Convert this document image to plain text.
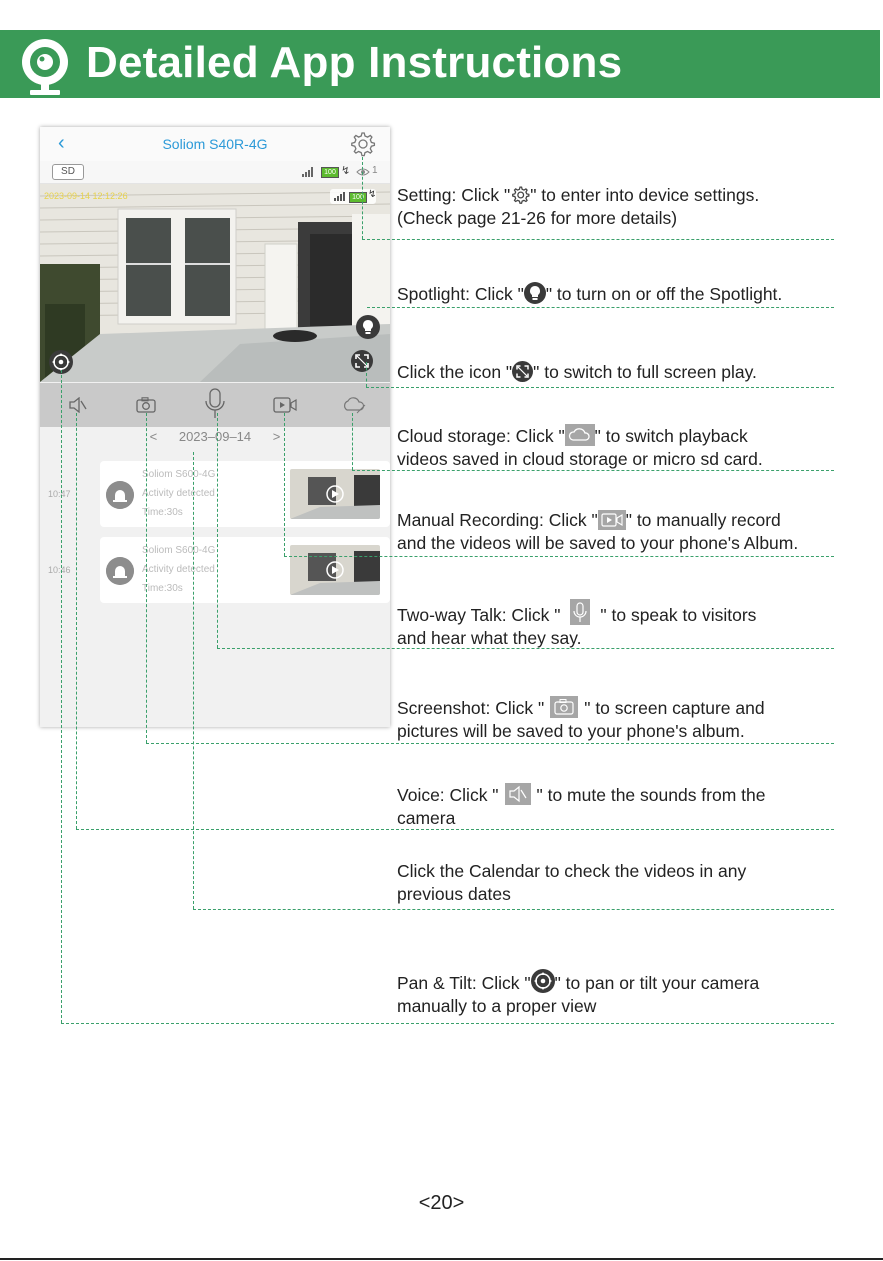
Detailed App Instructions
‹	Soliom S40R-4G
SD	100 ↯ 1
2023-09-14 12:12:26	100 ↯
< 2023–09–14 >
10:47
Soliom S600-4G
Activity detected
Time:30s
10:46
Soliom S600-4G
Activity detected
Time:30s
Setting: Click " " to enter into device settings.
(Check page 21-26 for more details)
Spotlight: Click " " to turn on or off the Spotlight.
Click the icon " " to switch to full screen play.
Cloud storage: Click " " to switch playback
videos saved in cloud storage or micro sd card.
Manual Recording: Click " " to manually record
and the videos will be saved to your phone's Album.
Two-way Talk: Click " " to speak to visitors
and hear what they say.
Screenshot: Click " " to screen capture and
pictures will be saved to your phone's album.
Voice: Click " " to mute the sounds from the
camera
Click the Calendar to check the videos in any
previous dates
Pan & Tilt: Click " " to pan or tilt your camera
manually to a proper view
<20>
